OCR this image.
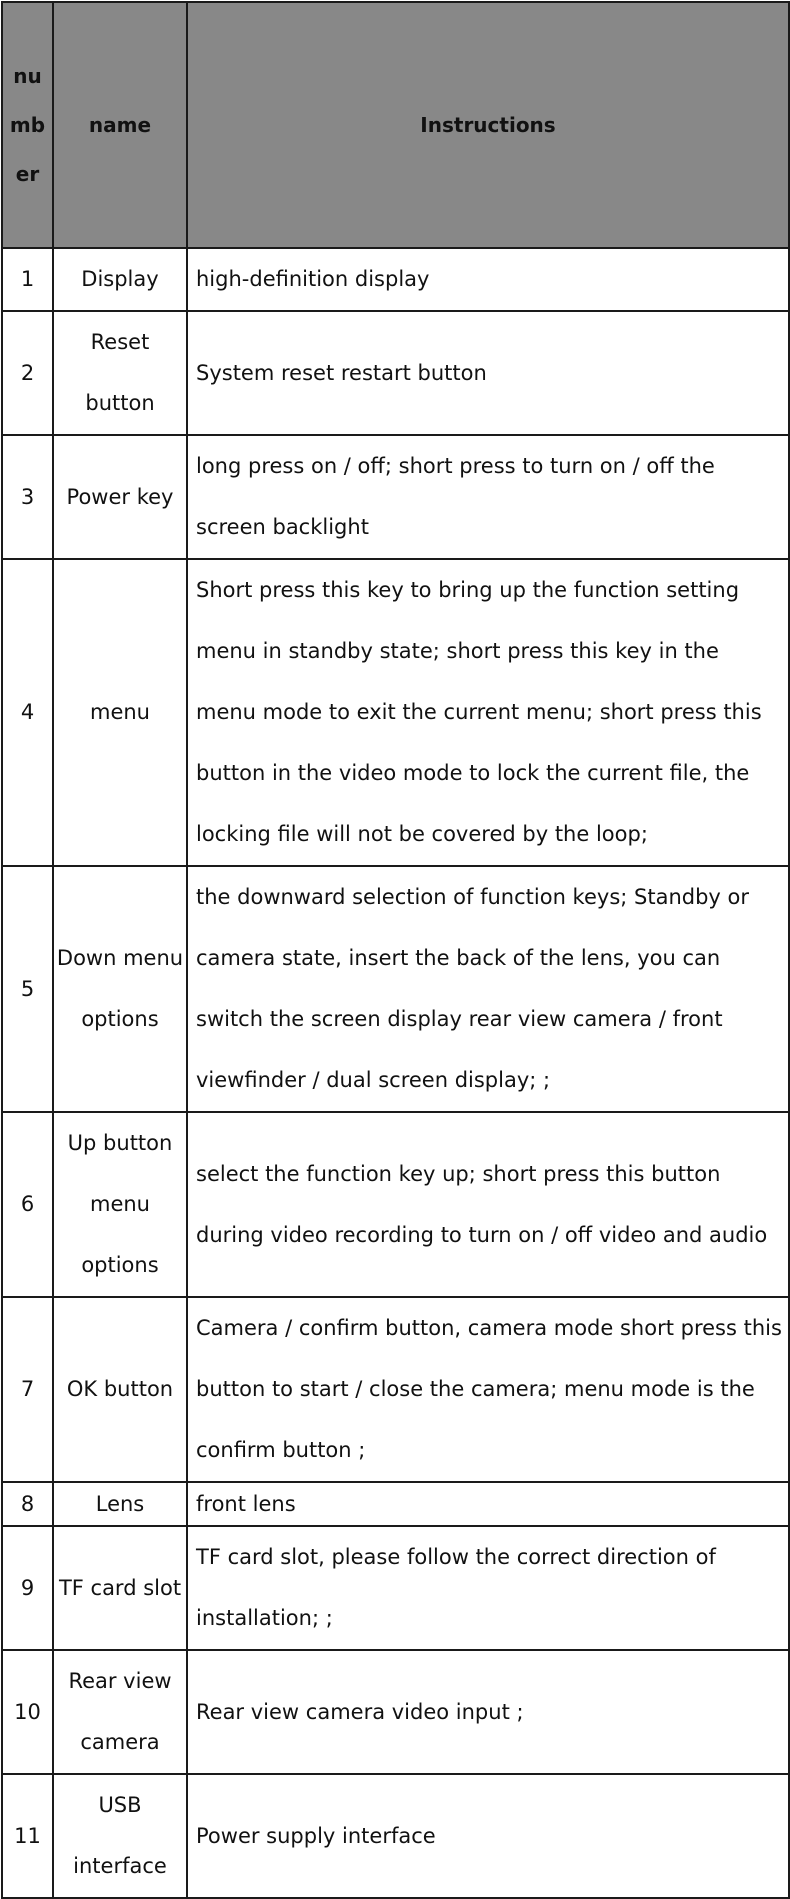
number	name	Instructions
1	Display	high-definition display
2	Reset button	System reset restart button
3	Power key	long press on / off; short press to turn on / off the screen backlight
4	menu	Short press this key to bring up the function setting menu in standby state; short press this key in the menu mode to exit the current menu; short press this button in the video mode to lock the current file, the locking file will not be covered by the loop;
5	Down menu options	the downward selection of function keys; Standby or camera state, insert the back of the lens, you can switch the screen display rear view camera / front viewfinder / dual screen display; ;
6	Up button menu options	select the function key up; short press this button during video recording to turn on / off video and audio
7	OK button	Camera / confirm button, camera mode short press this button to start / close the camera; menu mode is the confirm button ;
8	Lens	front lens
9	TF card slot	TF card slot, please follow the correct direction of installation; ;
10	Rear view camera	Rear view camera video input ;
11	USB interface	Power supply interface
